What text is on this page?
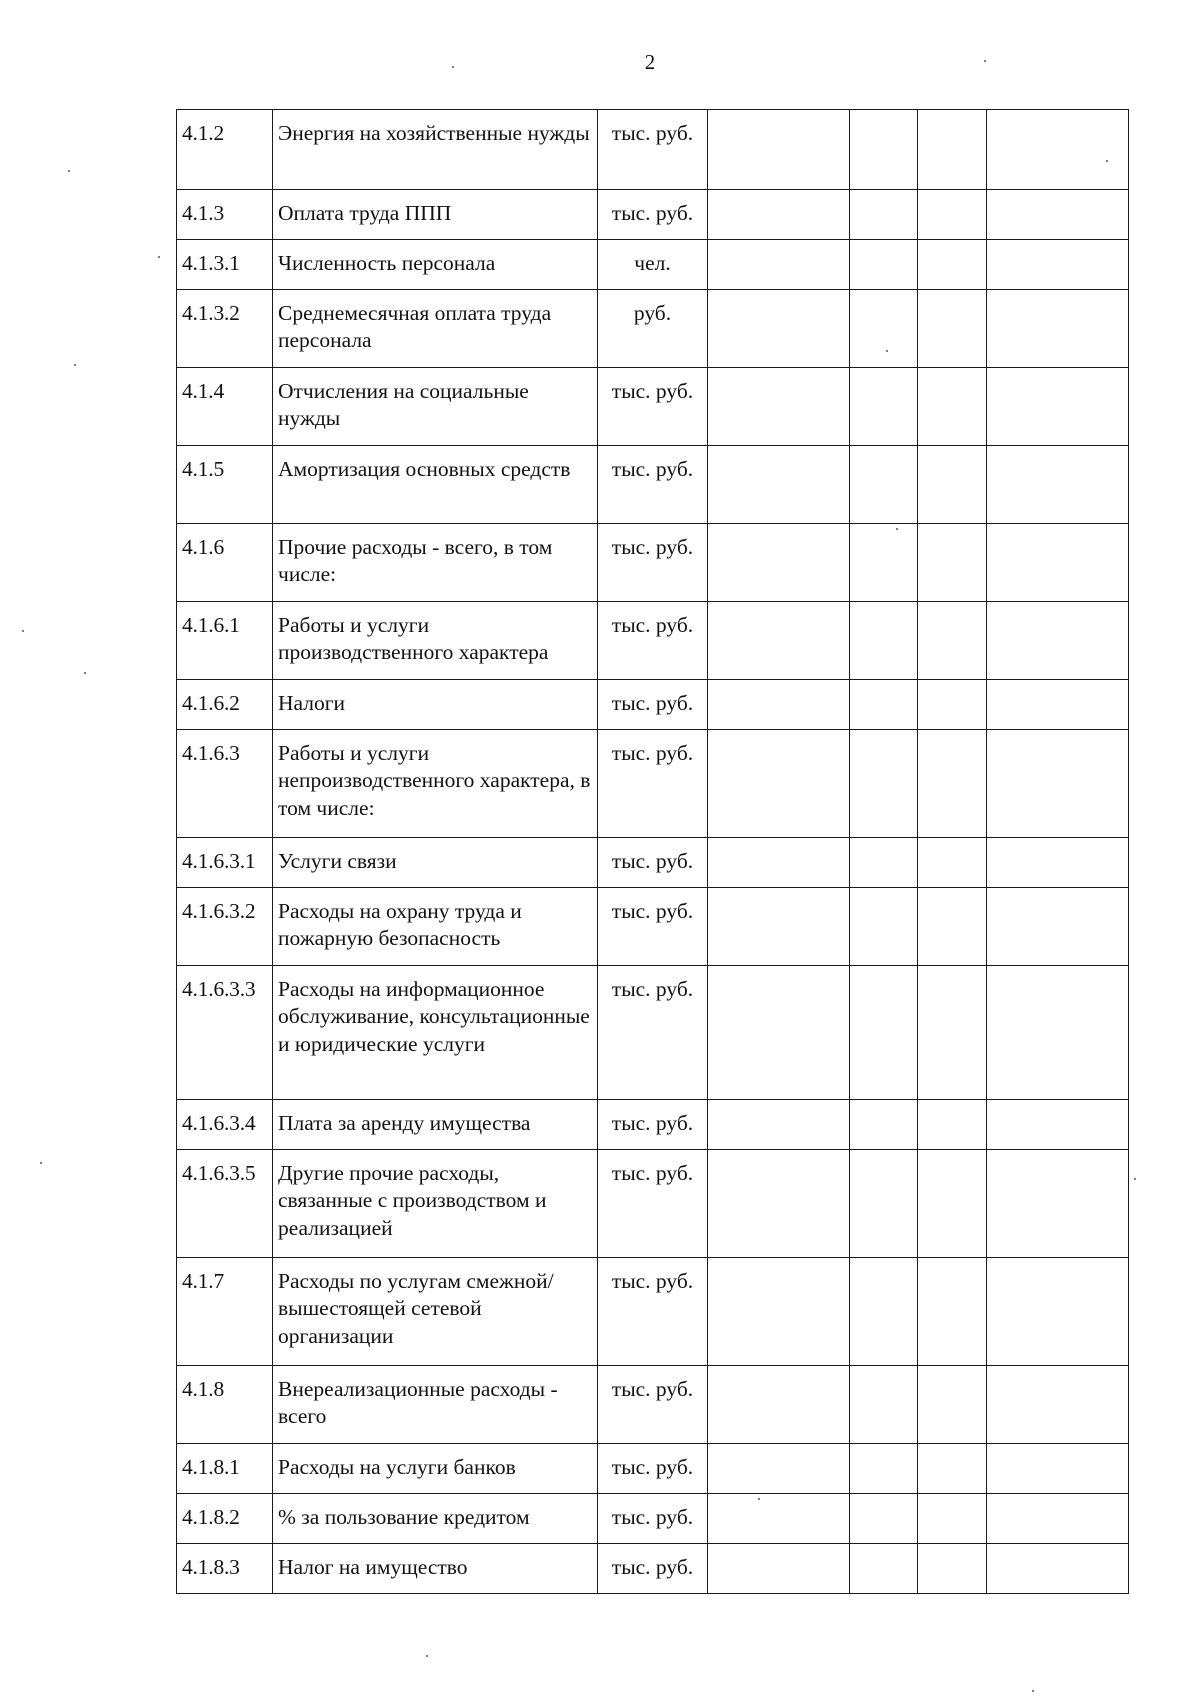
2
4.1.2	Энергия на хозяйственные нужды	тыс. руб.				
4.1.3	Оплата труда ППП	тыс. руб.				
4.1.3.1	Численность персонала	чел.				
4.1.3.2	Среднемесячная оплата труда персонала	руб.				
4.1.4	Отчисления на социальные нужды	тыс. руб.				
4.1.5	Амортизация основных средств	тыс. руб.				
4.1.6	Прочие расходы - всего, в том числе:	тыс. руб.				
4.1.6.1	Работы и услуги производственного характера	тыс. руб.				
4.1.6.2	Налоги	тыс. руб.				
4.1.6.3	Работы и услуги непроизводственного характера, в том числе:	тыс. руб.				
4.1.6.3.1	Услуги связи	тыс. руб.				
4.1.6.3.2	Расходы на охрану труда и пожарную безопасность	тыс. руб.				
4.1.6.3.3	Расходы на информационное обслуживание, консультационные и юридические услуги	тыс. руб.				
4.1.6.3.4	Плата за аренду имущества	тыс. руб.				
4.1.6.3.5	Другие прочие расходы, связанные с производством и реализацией	тыс. руб.				
4.1.7	Расходы по услугам смежной/вышестоящей сетевой организации	тыс. руб.				
4.1.8	Внереализационные расходы - всего	тыс. руб.				
4.1.8.1	Расходы на услуги банков	тыс. руб.				
4.1.8.2	% за пользование кредитом	тыс. руб.				
4.1.8.3	Налог на имущество	тыс. руб.				
